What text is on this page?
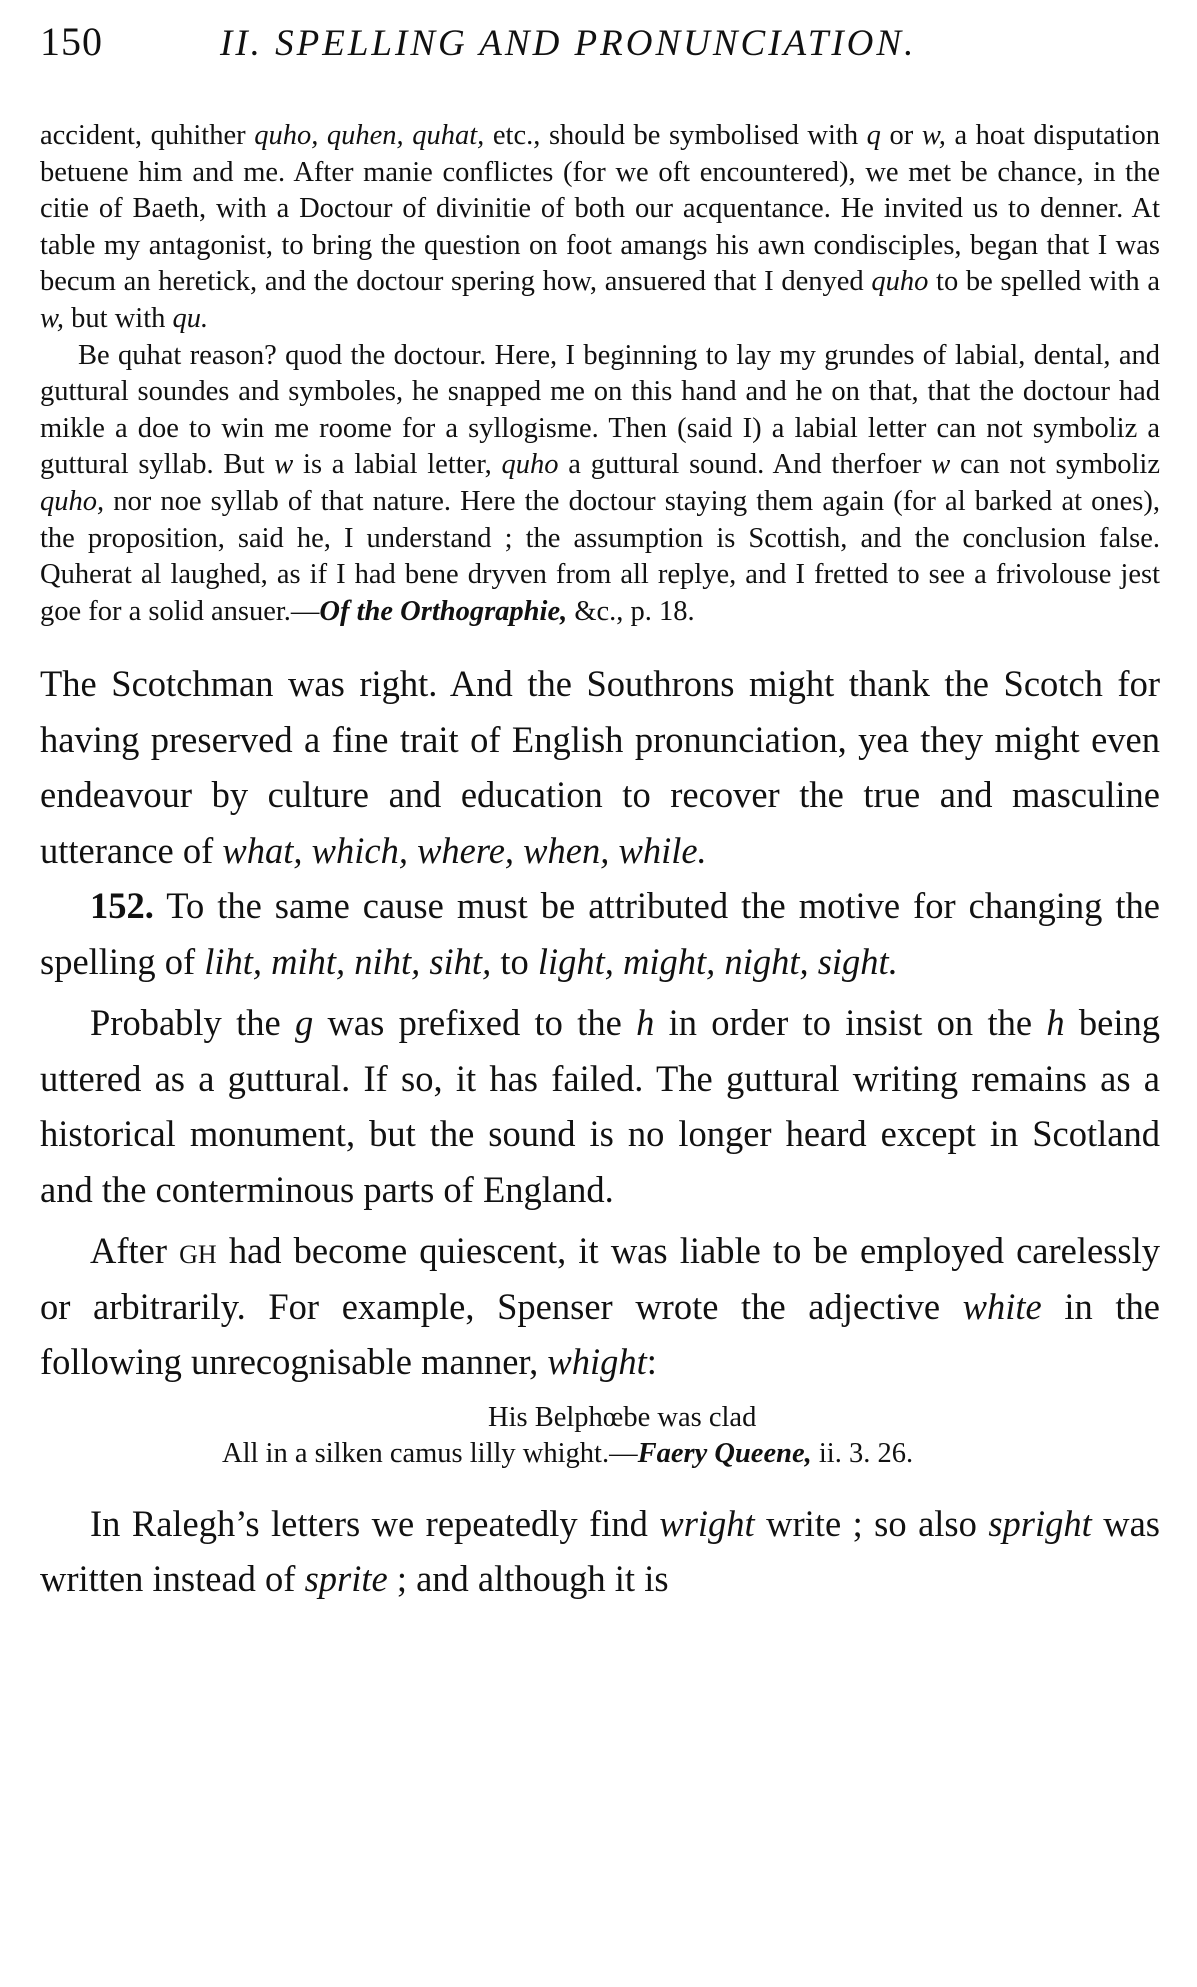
150	II. SPELLING AND PRONUNCIATION.

accident, quhither quho, quhen, quhat, etc., should be symbolised with q or w, a hoat disputation betuene him and me. After manie conflictes (for we oft encountered), we met be chance, in the citie of Baeth, with a Doctour of divinitie of both our acquentance. He invited us to denner. At table my antagonist, to bring the question on foot amangs his awn condisciples, began that I was becum an heretick, and the doctour spering how, ansuered that I denyed quho to be spelled with a w, but with qu.

Be quhat reason? quod the doctour. Here, I beginning to lay my grundes of labial, dental, and guttural soundes and symboles, he snapped me on this hand and he on that, that the doctour had mikle a doe to win me roome for a syllogisme. Then (said I) a labial letter can not symboliz a guttural syllab. But w is a labial letter, quho a guttural sound. And therfoer w can not symboliz quho, nor noe syllab of that nature. Here the doctour staying them again (for al barked at ones), the proposition, said he, I understand ; the assumption is Scottish, and the conclusion false. Quherat al laughed, as if I had bene dryven from all replye, and I fretted to see a frivolouse jest goe for a solid ansuer.—Of the Orthographie, &c., p. 18.

The Scotchman was right. And the Southrons might thank the Scotch for having preserved a fine trait of English pronunciation, yea they might even endeavour by culture and education to recover the true and masculine utterance of what, which, where, when, while.

152. To the same cause must be attributed the motive for changing the spelling of liht, miht, niht, siht, to light, might, night, sight.

Probably the g was prefixed to the h in order to insist on the h being uttered as a guttural. If so, it has failed. The guttural writing remains as a historical monument, but the sound is no longer heard except in Scotland and the conterminous parts of England.

After gh had become quiescent, it was liable to be employed carelessly or arbitrarily. For example, Spenser wrote the adjective white in the following unrecognisable manner, whight:

His Belphœbe was clad
All in a silken camus lilly whight.—Faery Queene, ii. 3. 26.

In Ralegh’s letters we repeatedly find wright write ; so also spright was written instead of sprite ; and although it is
